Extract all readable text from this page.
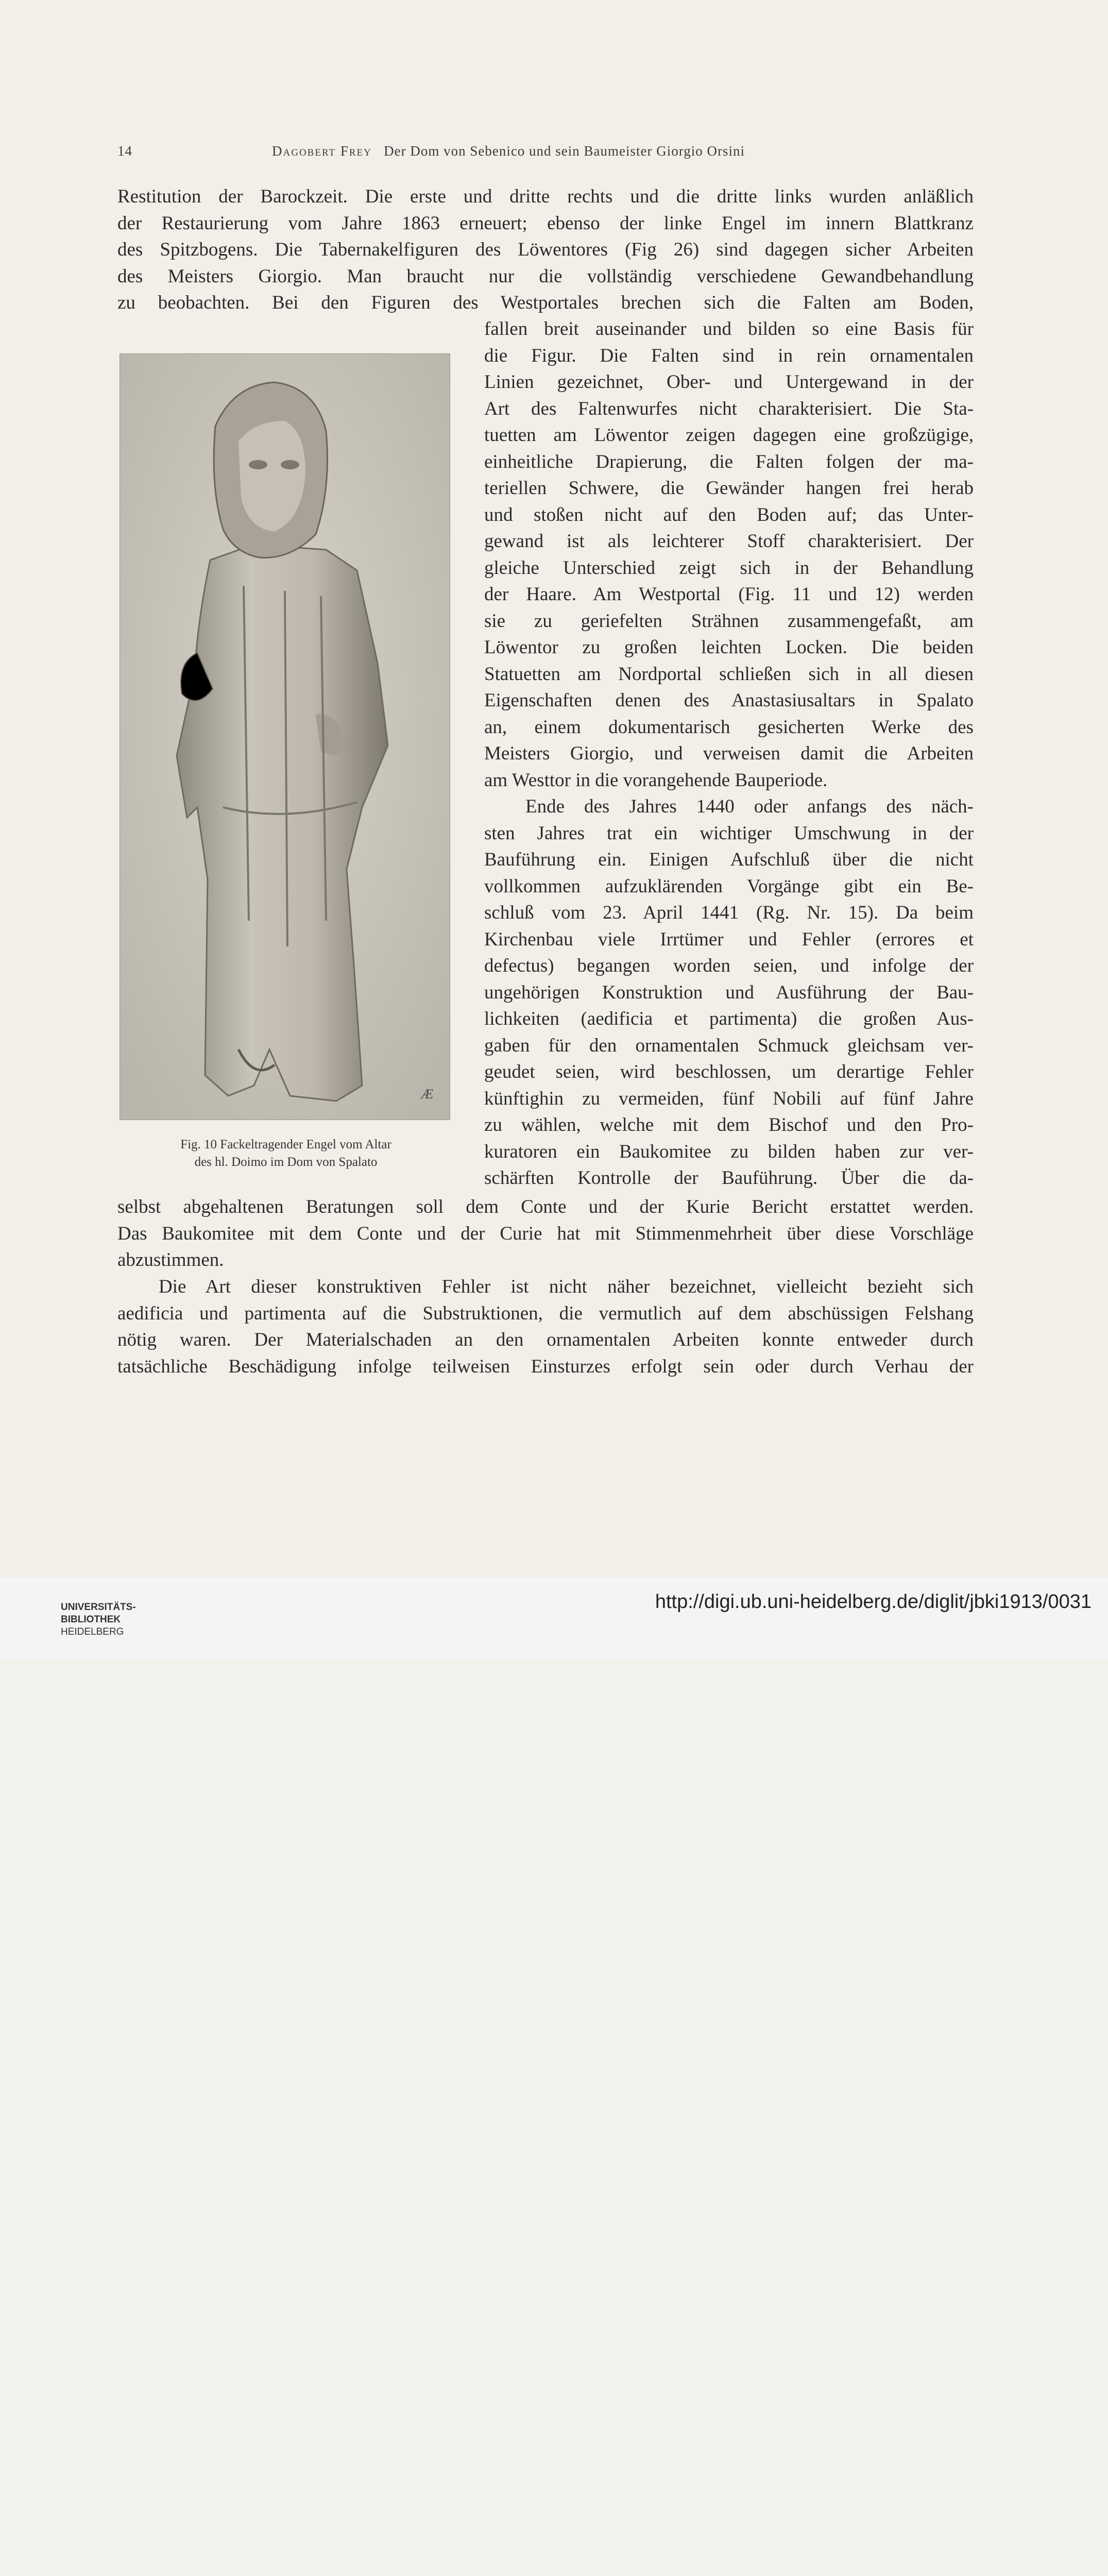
14	Dagobert Frey Der Dom von Sebenico und sein Baumeister Giorgio Orsini
Restitution der Barockzeit. Die erste und dritte rechts und die dritte links wurden anläßlich
der Restaurierung vom Jahre 1863 erneuert; ebenso der linke Engel im innern Blattkranz
des Spitzbogens. Die Tabernakelfiguren des Löwentores (Fig 26) sind dagegen sicher Arbeiten
des Meisters Giorgio. Man braucht nur die vollständig verschiedene Gewandbehandlung
zu beobachten. Bei den Figuren des Westportales brechen sich die Falten am Boden,
Æ
fallen breit auseinander und bilden so eine Basis für
die Figur. Die Falten sind in rein ornamentalen
Linien gezeichnet, Ober- und Untergewand in der
Art des Faltenwurfes nicht charakterisiert. Die Sta-
tuetten am Löwentor zeigen dagegen eine großzügige,
einheitliche Drapierung, die Falten folgen der ma-
teriellen Schwere, die Gewänder hangen frei herab
und stoßen nicht auf den Boden auf; das Unter-
gewand ist als leichterer Stoff charakterisiert. Der
gleiche Unterschied zeigt sich in der Behandlung
der Haare. Am Westportal (Fig. 11 und 12) werden
sie zu geriefelten Strähnen zusammengefaßt, am
Löwentor zu großen leichten Locken. Die beiden
Statuetten am Nordportal schließen sich in all diesen
Eigenschaften denen des Anastasiusaltars in Spalato
an, einem dokumentarisch gesicherten Werke des
Meisters Giorgio, und verweisen damit die Arbeiten
am Westtor in die vorangehende Bauperiode.
Ende des Jahres 1440 oder anfangs des näch-
sten Jahres trat ein wichtiger Umschwung in der
Bauführung ein. Einigen Aufschluß über die nicht
vollkommen aufzuklärenden Vorgänge gibt ein Be-
schluß vom 23. April 1441 (Rg. Nr. 15). Da beim
Kirchenbau viele Irrtümer und Fehler (errores et
defectus) begangen worden seien, und infolge der
ungehörigen Konstruktion und Ausführung der Bau-
lichkeiten (aedificia et partimenta) die großen Aus-
gaben für den ornamentalen Schmuck gleichsam ver-
geudet seien, wird beschlossen, um derartige Fehler
künftighin zu vermeiden, fünf Nobili auf fünf Jahre
zu wählen, welche mit dem Bischof und den Pro-
kuratoren ein Baukomitee zu bilden haben zur ver-
schärften Kontrolle der Bauführung. Über die da-
Fig. 10 Fackeltragender Engel vom Altar
des hl. Doimo im Dom von Spalato
selbst abgehaltenen Beratungen soll dem Conte und der Kurie Bericht erstattet werden.
Das Baukomitee mit dem Conte und der Curie hat mit Stimmenmehrheit über diese Vorschläge
abzustimmen.
Die Art dieser konstruktiven Fehler ist nicht näher bezeichnet, vielleicht bezieht sich
aedificia und partimenta auf die Substruktionen, die vermutlich auf dem abschüssigen Felshang
nötig waren. Der Materialschaden an den ornamentalen Arbeiten konnte entweder durch
tatsächliche Beschädigung infolge teilweisen Einsturzes erfolgt sein oder durch Verhau der
UNIVERSITÄTS-
BIBLIOTHEK
HEIDELBERG
http://digi.ub.uni-heidelberg.de/diglit/jbki1913/0031
